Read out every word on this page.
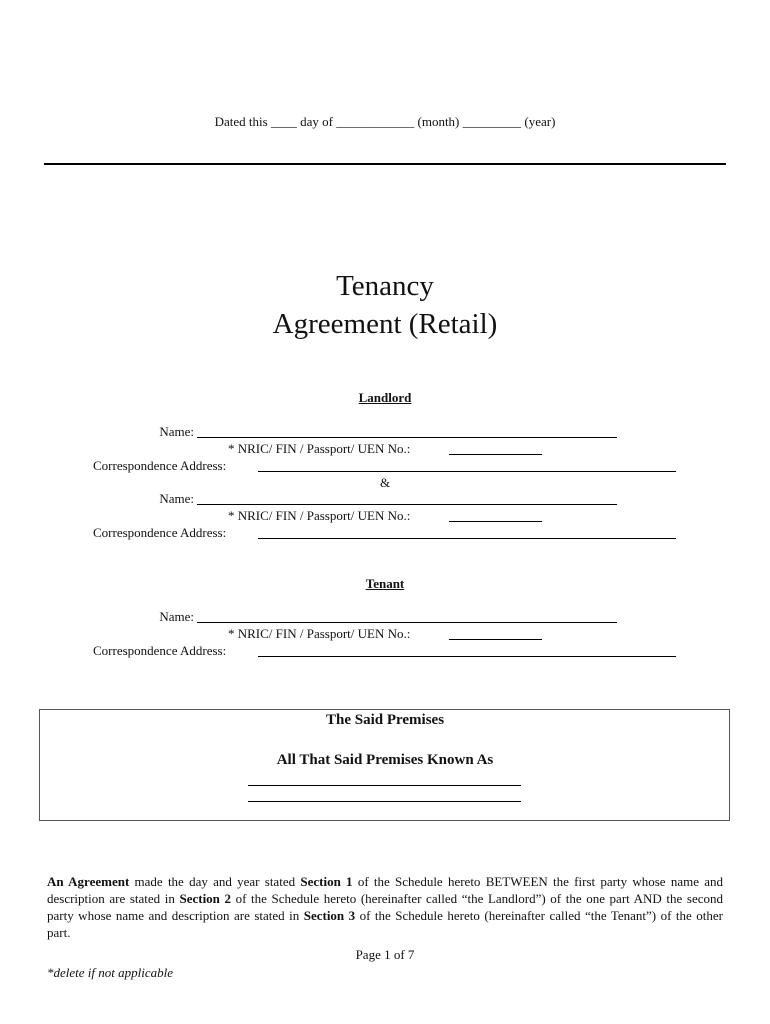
Dated this ____ day of ____________ (month) _________ (year)
Tenancy
Agreement (Retail)
Landlord
Name:
* NRIC/ FIN / Passport/ UEN No.:
Correspondence Address:
&
Name:
* NRIC/ FIN / Passport/ UEN No.:
Correspondence Address:
Tenant
Name:
* NRIC/ FIN / Passport/ UEN No.:
Correspondence Address:
The Said Premises
All That Said Premises Known As
An Agreement made the day and year stated Section 1 of the Schedule hereto BETWEEN the first party whose name and description are stated in Section 2 of the Schedule hereto (hereinafter called “the Landlord”) of the one part AND the second party whose name and description are stated in Section 3 of the Schedule hereto (hereinafter called “the Tenant”) of the other part.
Page 1 of 7
*delete if not applicable
